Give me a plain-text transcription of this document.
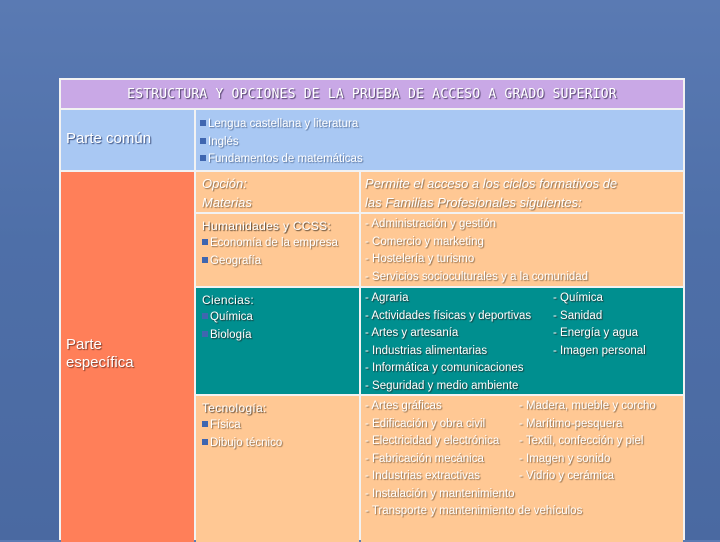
ESTRUCTURA Y OPCIONES DE LA PRUEBA DE ACCESO A GRADO SUPERIOR
Parte común
Lengua castellana y literatura
Inglés
Fundamentos de matemáticas
Parte
específica
Opción:
Materias
Permite el acceso a los ciclos formativos de
las Familias Profesionales siguientes:
Humanidades y CCSS:
Economía de la empresa
Geografía
- Administración y gestión
- Comercio y marketing
- Hostelería y turismo
- Servicios socioculturales y a la comunidad
Ciencias:
Química
Biología
- Agraria
- Actividades físicas y deportivas
- Artes y artesanía
- Industrias alimentarias
- Informática y comunicaciones
- Seguridad y medio ambiente
- Química
- Sanidad
- Energía y agua
- Imagen personal
Tecnología:
Física
Dibujo técnico
- Artes gráficas
- Edificación y obra civil
- Electricidad y electrónica
- Fabricación mecánica
- Industrias extractivas
- Madera, mueble y corcho
- Marítimo-pesquera
- Textil, confección y piel
- Imagen y sonido
- Vidrio y cerámica
- Instalación y mantenimiento
- Transporte y mantenimiento de vehículos
